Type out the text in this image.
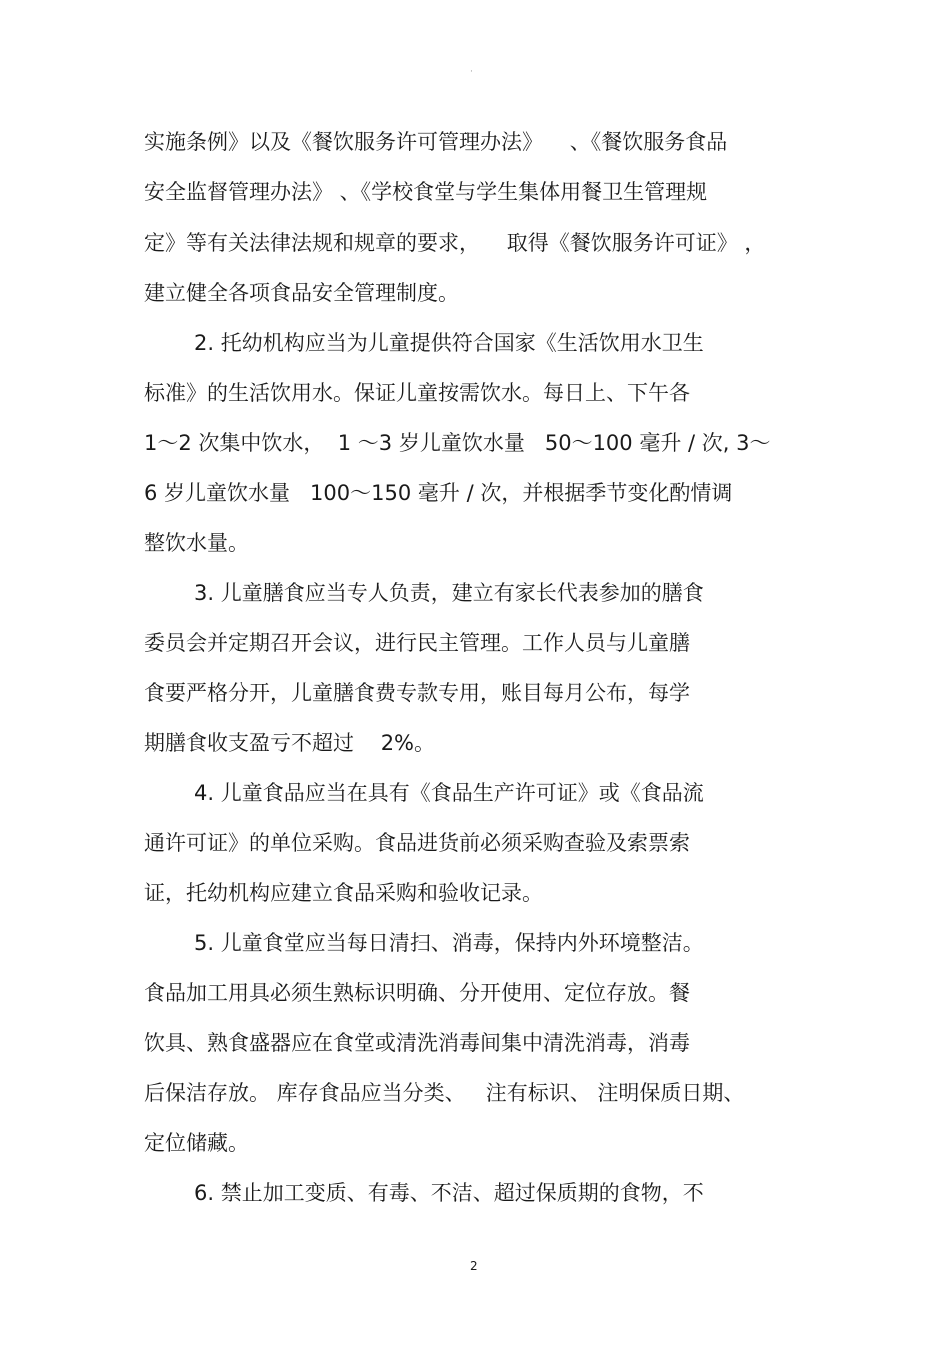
·
实施条例》以及《餐饮服务许可管理办法》    、《餐饮服务食品
安全监督管理办法》 、《学校食堂与学生集体用餐卫生管理规
定》等有关法律法规和规章的要求，    取得《餐饮服务许可证》 ，
建立健全各项食品安全管理制度。
2. 托幼机构应当为儿童提供符合国家《生活饮用水卫生
标准》的生活饮用水。保证儿童按需饮水。每日上、下午各
1～2 次集中饮水，  1 ～3 岁儿童饮水量   50～100 毫升 / 次, 3～
6 岁儿童饮水量   100～150 毫升 / 次，并根据季节变化酌情调
整饮水量。
3. 儿童膳食应当专人负责，建立有家长代表参加的膳食
委员会并定期召开会议，进行民主管理。工作人员与儿童膳
食要严格分开，儿童膳食费专款专用，账目每月公布，每学
期膳食收支盈亏不超过    2%。
4. 儿童食品应当在具有《食品生产许可证》或《食品流
通许可证》的单位采购。食品进货前必须采购查验及索票索
证，托幼机构应建立食品采购和验收记录。
5. 儿童食堂应当每日清扫、消毒，保持内外环境整洁。
食品加工用具必须生熟标识明确、分开使用、定位存放。餐
饮具、熟食盛器应在食堂或清洗消毒间集中清洗消毒，消毒
后保洁存放。 库存食品应当分类、   注有标识、 注明保质日期、
定位储藏。
6. 禁止加工变质、有毒、不洁、超过保质期的食物，不
2
